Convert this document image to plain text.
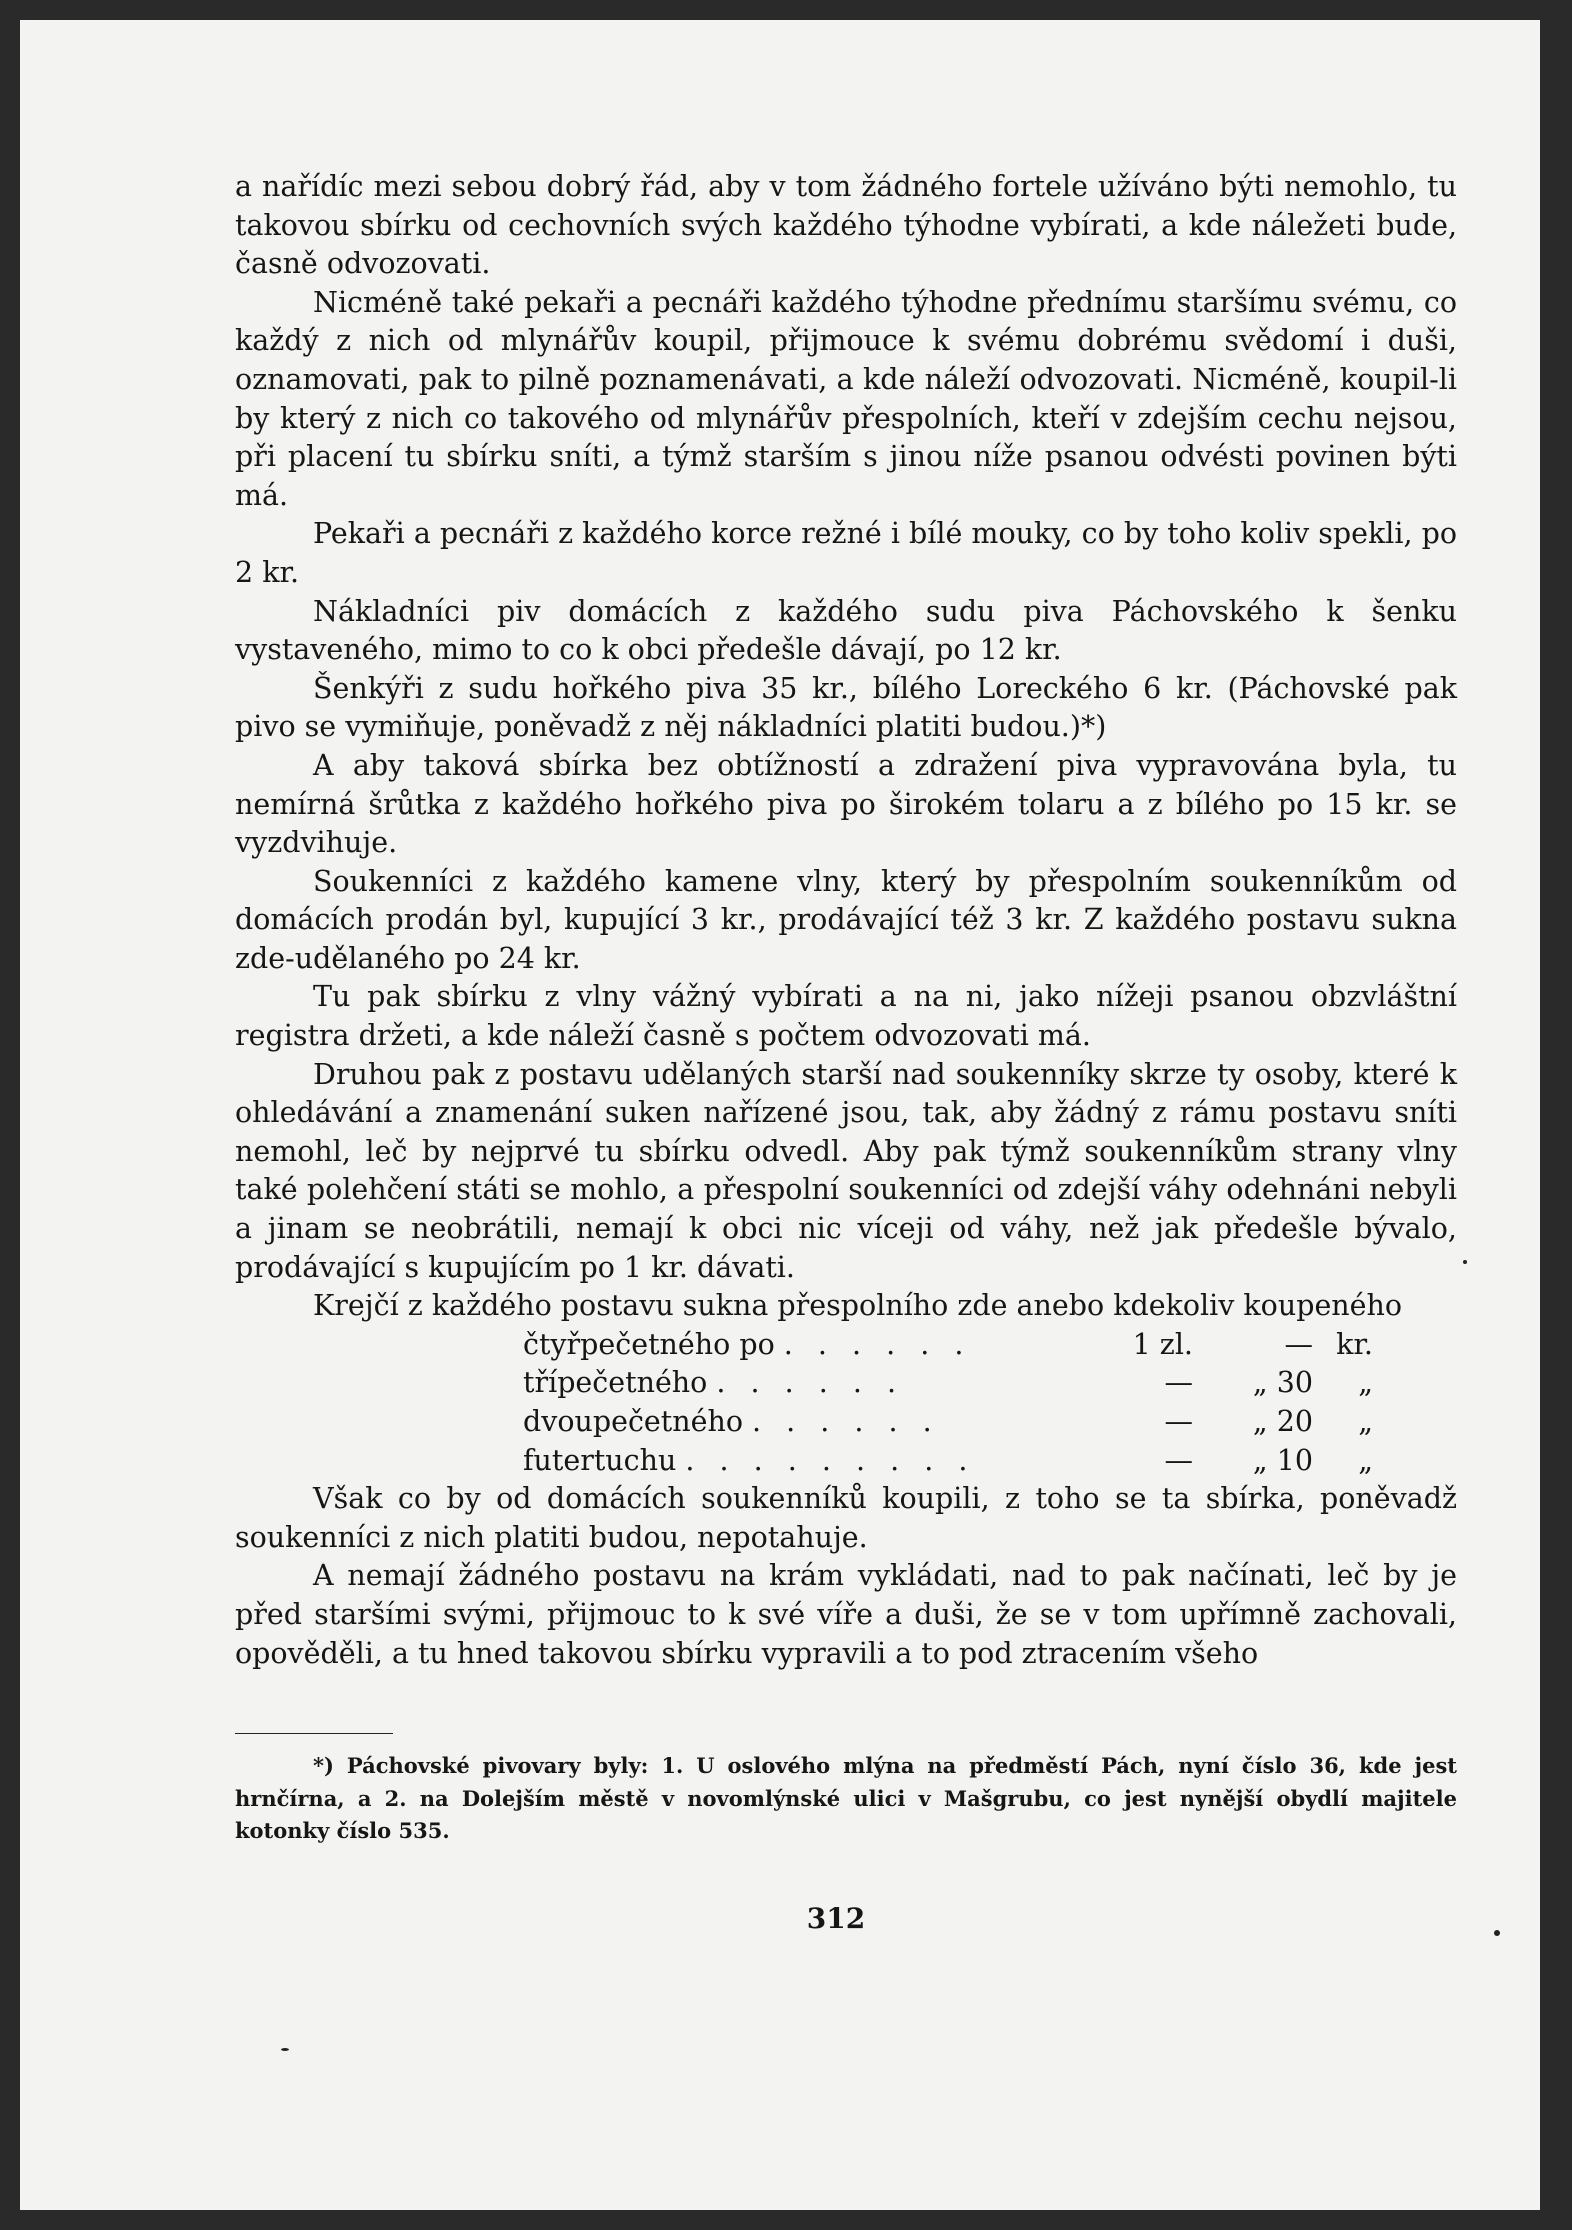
a nařídíc mezi sebou dobrý řád, aby v tom žádného fortele užíváno býti nemohlo, tu takovou sbírku od cechovních svých každého týhodne vybírati, a kde náležeti bude, časně odvozovati.

Nicméně také pekaři a pecnáři každého týhodne přednímu staršímu svému, co každý z nich od mlynářův koupil, přijmouce k svému dobrému svědomí i duši, oznamovati, pak to pilně poznamenávati, a kde náleží odvozovati. Nicméně, koupil-li by který z nich co takového od mlynářův přespolních, kteří v zdejším cechu nejsou, při placení tu sbírku sníti, a týmž starším s jinou níže psanou odvésti povinen býti má.

Pekaři a pecnáři z každého korce režné i bílé mouky, co by toho koliv spekli, po 2 kr.

Nákladníci piv domácích z každého sudu piva Páchovského k šenku vystaveného, mimo to co k obci předešle dávají, po 12 kr.

Šenkýři z sudu hořkého piva 35 kr., bílého Loreckého 6 kr. (Páchovské pak pivo se vymiňuje, poněvadž z něj nákladníci platiti budou.)*)

A aby taková sbírka bez obtížností a zdražení piva vypravována byla, tu nemírná šrůtka z každého hořkého piva po širokém tolaru a z bílého po 15 kr. se vyzdvihuje.

Soukenníci z každého kamene vlny, který by přespolním soukenníkům od domácích prodán byl, kupující 3 kr., prodávající též 3 kr. Z každého postavu sukna zde-udělaného po 24 kr.

Tu pak sbírku z vlny vážný vybírati a na ni, jako nížeji psanou obzvláštní registra držeti, a kde náleží časně s počtem odvozovati má.

Druhou pak z postavu udělaných starší nad soukenníky skrze ty osoby, které k ohledávání a znamenání suken nařízené jsou, tak, aby žádný z rámu postavu sníti nemohl, leč by nejprvé tu sbírku odvedl. Aby pak týmž soukenníkům strany vlny také polehčení státi se mohlo, a přespolní soukenníci od zdejší váhy odehnáni nebyli a jinam se neobrátili, nemají k obci nic víceji od váhy, než jak předešle bývalo, prodávající s kupujícím po 1 kr. dávati.

Krejčí z každého postavu sukna přespolního zde anebo kdekoliv koupeného

čtyřpečetného po . . . . . .	1 zl.	— kr.
třípečetného . . . . . .	—	„ 30	„
dvoupečetného . . . . . .	—	„ 20	„
futertuchu . . . . . . . . .	—	„ 10	„

Však co by od domácích soukenníků koupili, z toho se ta sbírka, poněvadž soukenníci z nich platiti budou, nepotahuje.

A nemají žádného postavu na krám vykládati, nad to pak načínati, leč by je před staršími svými, přijmouc to k své víře a duši, že se v tom upřímně zachovali, opověděli, a tu hned takovou sbírku vypravili a to pod ztracením všeho

*) Páchovské pivovary byly: 1. U oslového mlýna na předměstí Pách, nyní číslo 36, kde jest hrnčírna, a 2. na Dolejším městě v novomlýnské ulici v Mašgrubu, co jest nynější obydlí majitele kotonky číslo 535.
312
